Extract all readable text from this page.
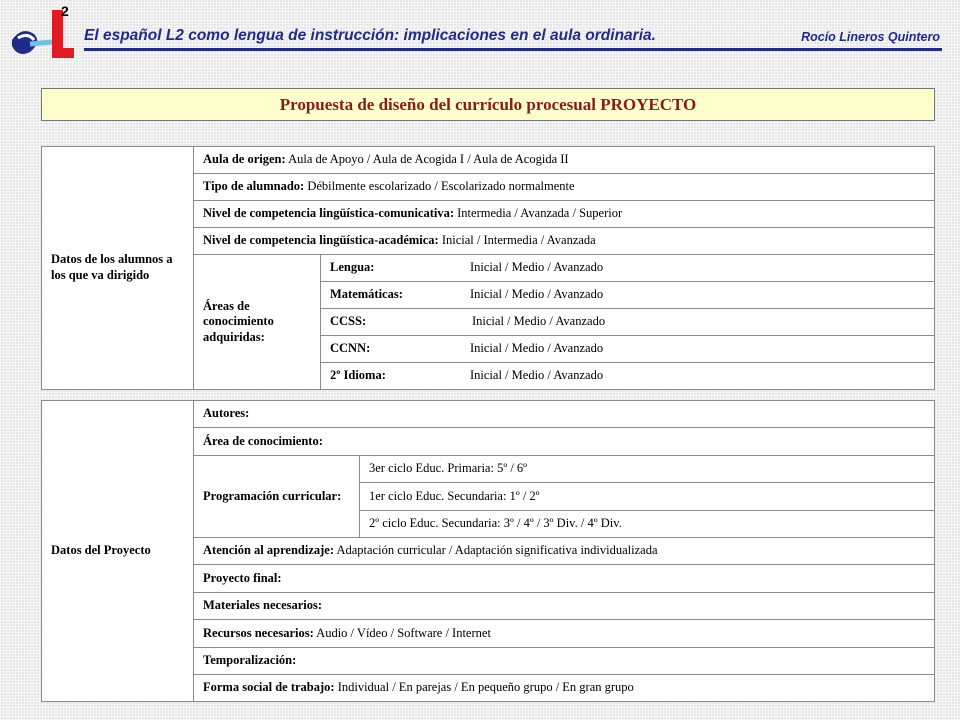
2
El español L2 como lengua de instrucción: implicaciones en el aula ordinaria.	Rocío Lineros Quintero
Propuesta de diseño del currículo procesual PROYECTO
Datos de los alumnos a los que va dirigido	Aula de origen: Aula de Apoyo / Aula de Acogida I / Aula de Acogida II	
	Tipo de alumnado: Débilmente escolarizado / Escolarizado normalmente	
	Nivel de competencia lingüística-comunicativa: Intermedia / Avanzada / Superior	
	Nivel de competencia lingüística-académica: Inicial / Intermedia / Avanzada	
	Áreas de conocimiento adquiridas:	Lengua: Inicial / Medio / Avanzado
		Matemáticas: Inicial / Medio / Avanzado
		CCSS: Inicial / Medio / Avanzado
		CCNN: Inicial / Medio / Avanzado
		2º Idioma: Inicial / Medio / Avanzado
Datos del Proyecto	Autores:	
	Área de conocimiento:	
	Programación curricular:	3er ciclo Educ. Primaria: 5º / 6º
		1er ciclo Educ. Secundaria: 1º / 2º
		2º ciclo Educ. Secundaria: 3º / 4º / 3º Div. / 4º Div.
	Atención al aprendizaje: Adaptación curricular / Adaptación significativa individualizada	
	Proyecto final:	
	Materiales necesarios:	
	Recursos necesarios: Audio / Vídeo / Software / Internet	
	Temporalización:	
	Forma social de trabajo: Individual / En parejas / En pequeño grupo / En gran grupo	
